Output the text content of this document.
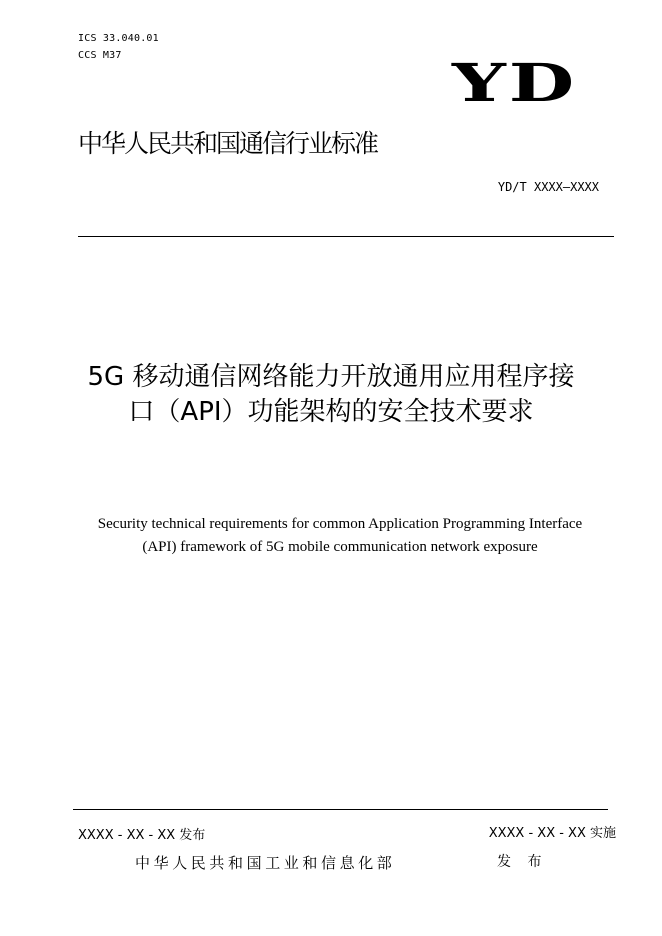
ICS 33.040.01
CCS M37	YD
中华人民共和国通信行业标准
YD/T XXXX—XXXX
5G 移动通信网络能力开放通用应用程序接
口（API）功能架构的安全技术要求
Security technical requirements for common Application Programming Interface
(API) framework of 5G mobile communication network exposure
XXXX - XX - XX 发布	XXXX - XX - XX 实施
中华人民共和国工业和信息化部	发 布
